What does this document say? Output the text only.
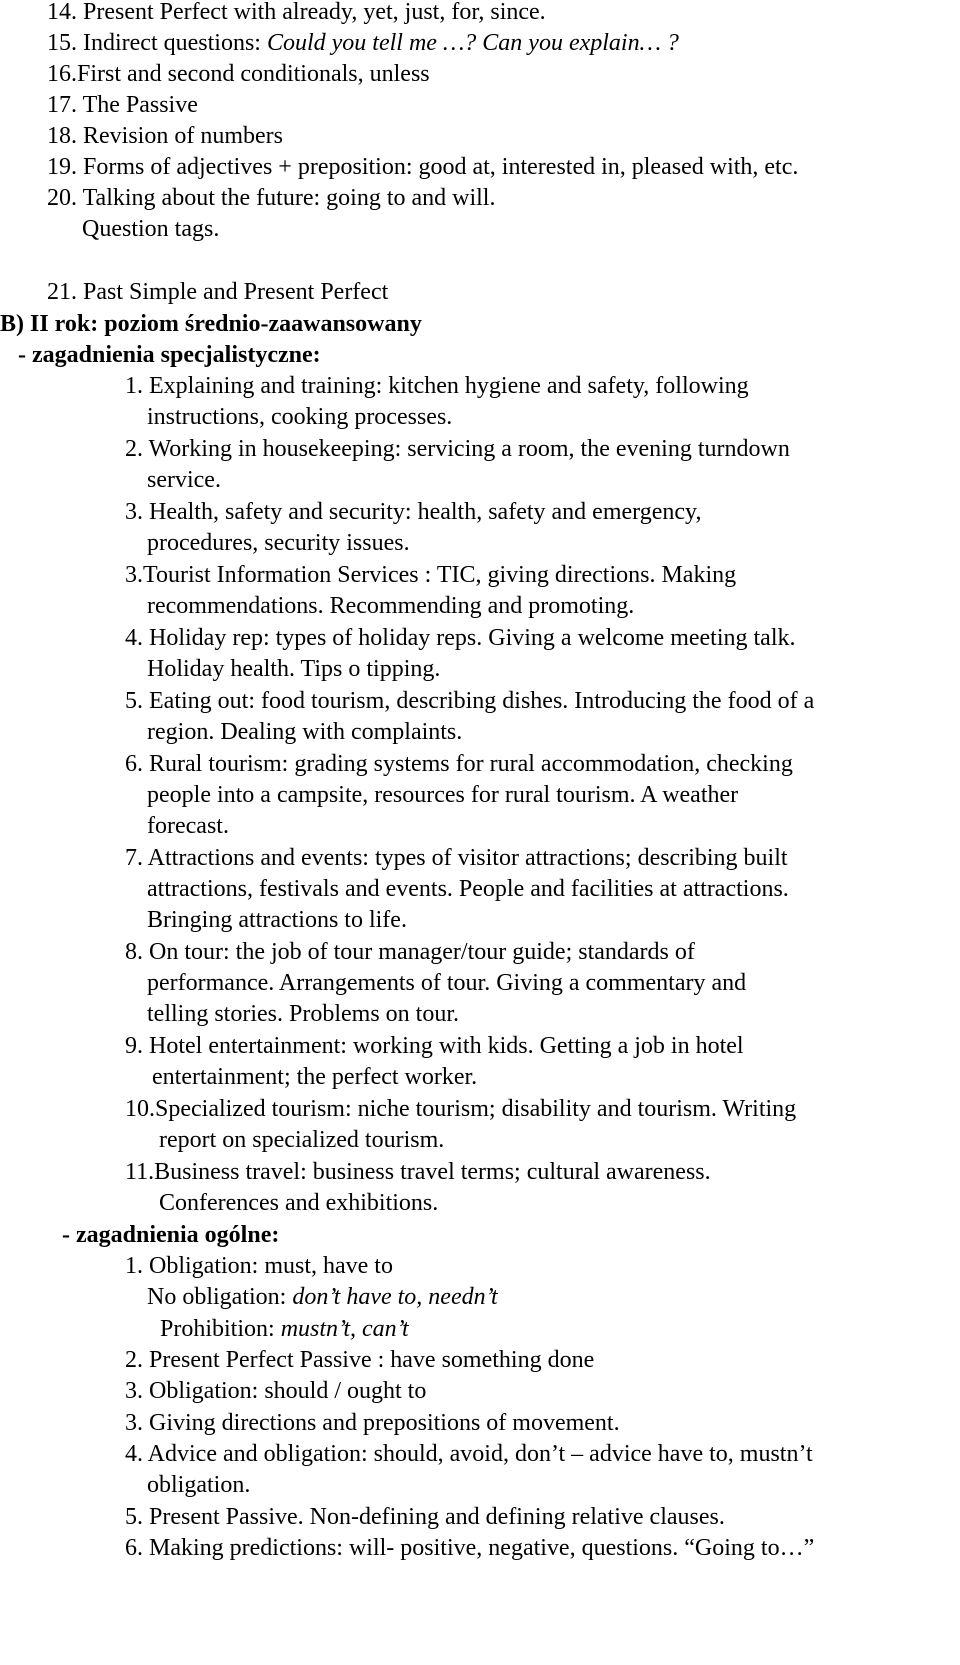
14. Present Perfect with already, yet, just, for, since.

15. Indirect questions: Could you tell me …? Can you explain… ?

16.First and second conditionals, unless

17. The Passive

18. Revision of numbers

19. Forms of adjectives + preposition: good at, interested in, pleased with, etc.

20. Talking about the future: going to and will.

Question tags.

21. Past Simple and Present Perfect

B) II rok: poziom średnio-zaawansowany

- zagadnienia specjalistyczne:

1. Explaining and training: kitchen hygiene and safety, following

instructions, cooking processes.

2. Working in housekeeping: servicing a room, the evening turndown

service.

3. Health, safety and security: health, safety and emergency,

procedures, security issues.

3.Tourist Information Services : TIC, giving directions. Making

recommendations. Recommending and promoting.

4. Holiday rep: types of holiday reps. Giving a welcome meeting talk.

Holiday health. Tips o tipping.

5. Eating out: food tourism, describing dishes. Introducing the food of a

region. Dealing with complaints.

6. Rural tourism: grading systems for rural accommodation, checking

people into a campsite, resources for rural tourism. A weather

forecast.

7. Attractions and events: types of visitor attractions; describing built

attractions, festivals and events. People and facilities at attractions.

Bringing attractions to life.

8. On tour: the job of tour manager/tour guide; standards of

performance. Arrangements of tour. Giving a commentary and

telling stories. Problems on tour.

9. Hotel entertainment: working with kids. Getting a job in hotel

entertainment; the perfect worker.

10.Specialized tourism: niche tourism; disability and tourism. Writing

report on specialized tourism.

11.Business travel: business travel terms; cultural awareness.

Conferences and exhibitions.

- zagadnienia ogólne:

1. Obligation: must, have to

No obligation: don’t have to, needn’t

Prohibition: mustn’t, can’t

2. Present Perfect Passive : have something done

3. Obligation: should / ought to

3. Giving directions and prepositions of movement.

4. Advice and obligation: should, avoid, don’t – advice have to, mustn’t

obligation.

5. Present Passive. Non-defining and defining relative clauses.

6. Making predictions: will- positive, negative, questions. “Going to…”
